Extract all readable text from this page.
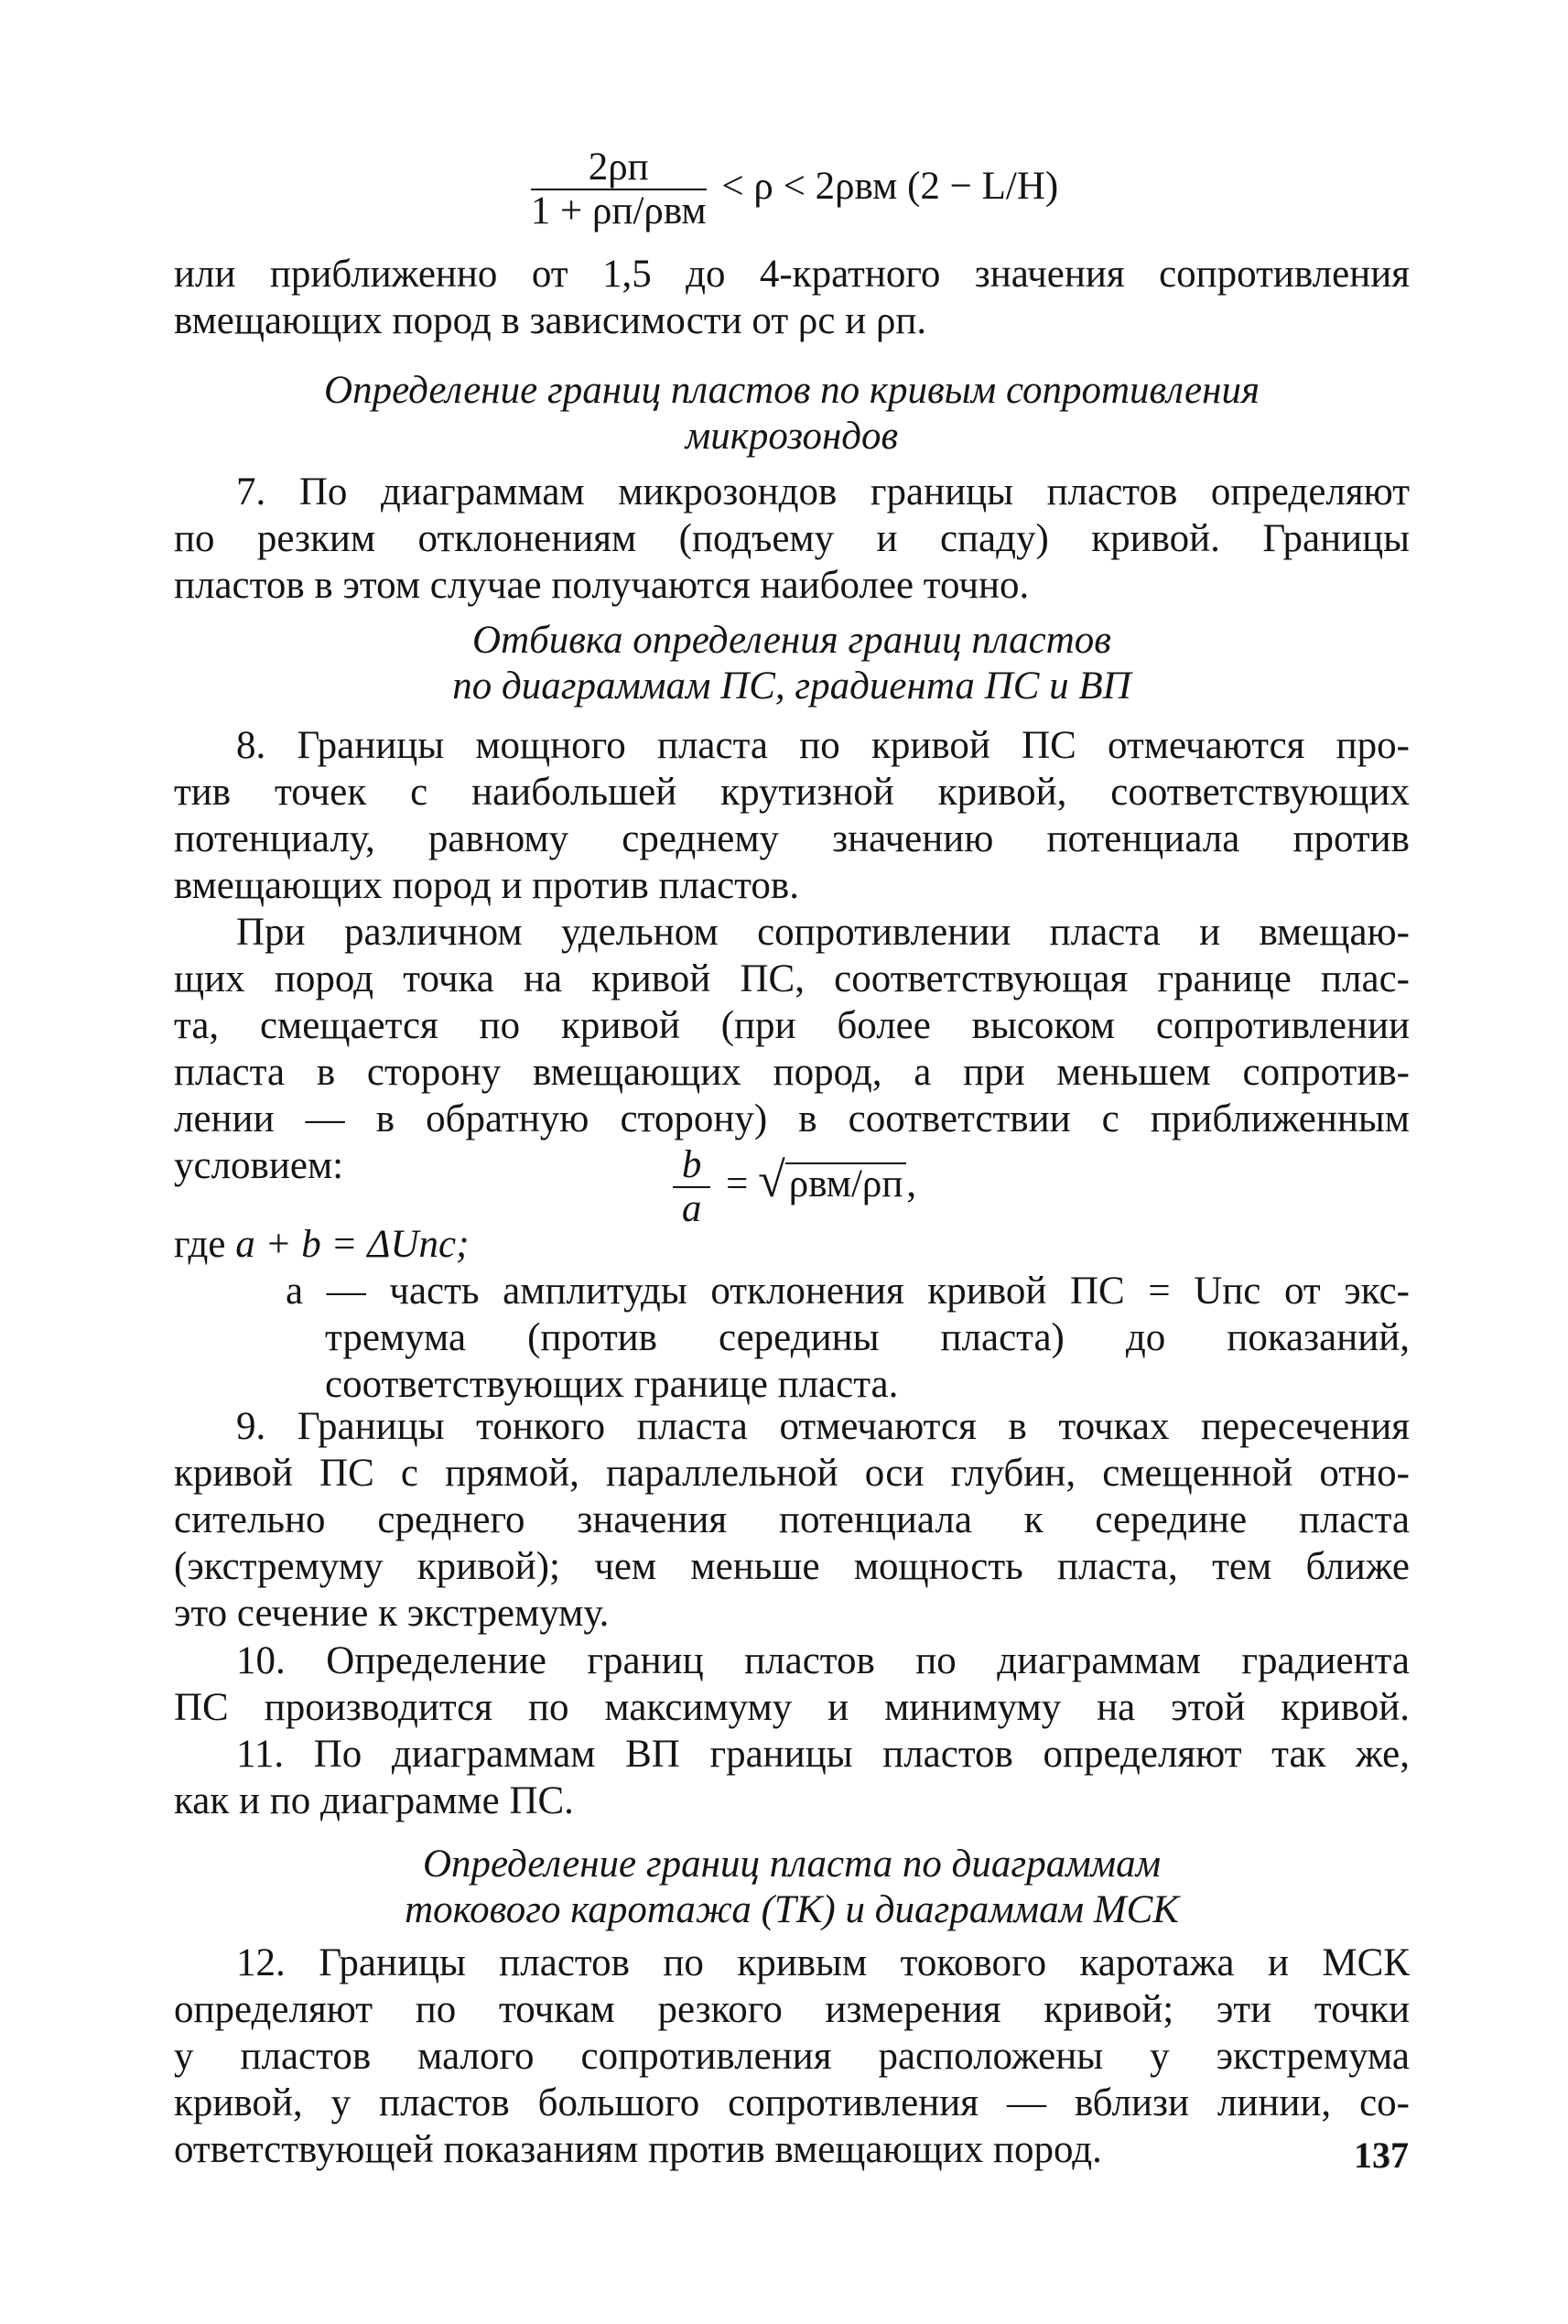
$\frac{2\rho п}{\text{1 + ρп/ρвм}} < \rho < 2\rho вм$ (2 − L/H)
или приближенно от 1,5 до 4-кратного значения сопротивления
вмещающих пород в зависимости от ρс и ρп.
Определение границ пластов по кривым сопротивления
микрозондов
7. По диаграммам микрозондов границы пластов определяют
по резким отклонениям (подъему и спаду) кривой. Границы
пластов в этом случае получаются наиболее точно.
Отбивка определения границ пластов
по диаграммам ПС, градиента ПС и ВП
8. Границы мощного пласта по кривой ПС отмечаются про-
тив точек с наибольшей крутизной кривой, соответствующих
потенциалу, равному среднему значению потенциала против
вмещающих пород и против пластов.
При различном удельном сопротивлении пласта и вмещаю-
щих пород точка на кривой ПС, соответствующая границе плас-
та, смещается по кривой (при более высоком сопротивлении
пласта в сторону вмещающих пород, а при меньшем сопротив-
лении — в обратную сторону) в соответствии с приближенным
условием:	$\frac{b}{a} = √\rho вм/\rho п$,
где a + b = ΔUпс;
a — часть амплитуды отклонения кривой ПС = Uпс от экс-
тремума (против середины пласта) до показаний,
соответствующих границе пласта.
9. Границы тонкого пласта отмечаются в точках пересечения
кривой ПС с прямой, параллельной оси глубин, смещенной отно-
сительно среднего значения потенциала к середине пласта
(экстремуму кривой); чем меньше мощность пласта, тем ближе
это сечение к экстремуму.
10. Определение границ пластов по диаграммам градиента
ПС производится по максимуму и минимуму на этой кривой.
11. По диаграммам ВП границы пластов определяют так же,
как и по диаграмме ПС.
Определение границ пласта по диаграммам
токового каротажа (ТК) и диаграммам МСК
12. Границы пластов по кривым токового каротажа и МСК
определяют по точкам резкого измерения кривой; эти точки
у пластов малого сопротивления расположены у экстремума
кривой, у пластов большого сопротивления — вблизи линии, со-
ответствующей показаниям против вмещающих пород.	137
